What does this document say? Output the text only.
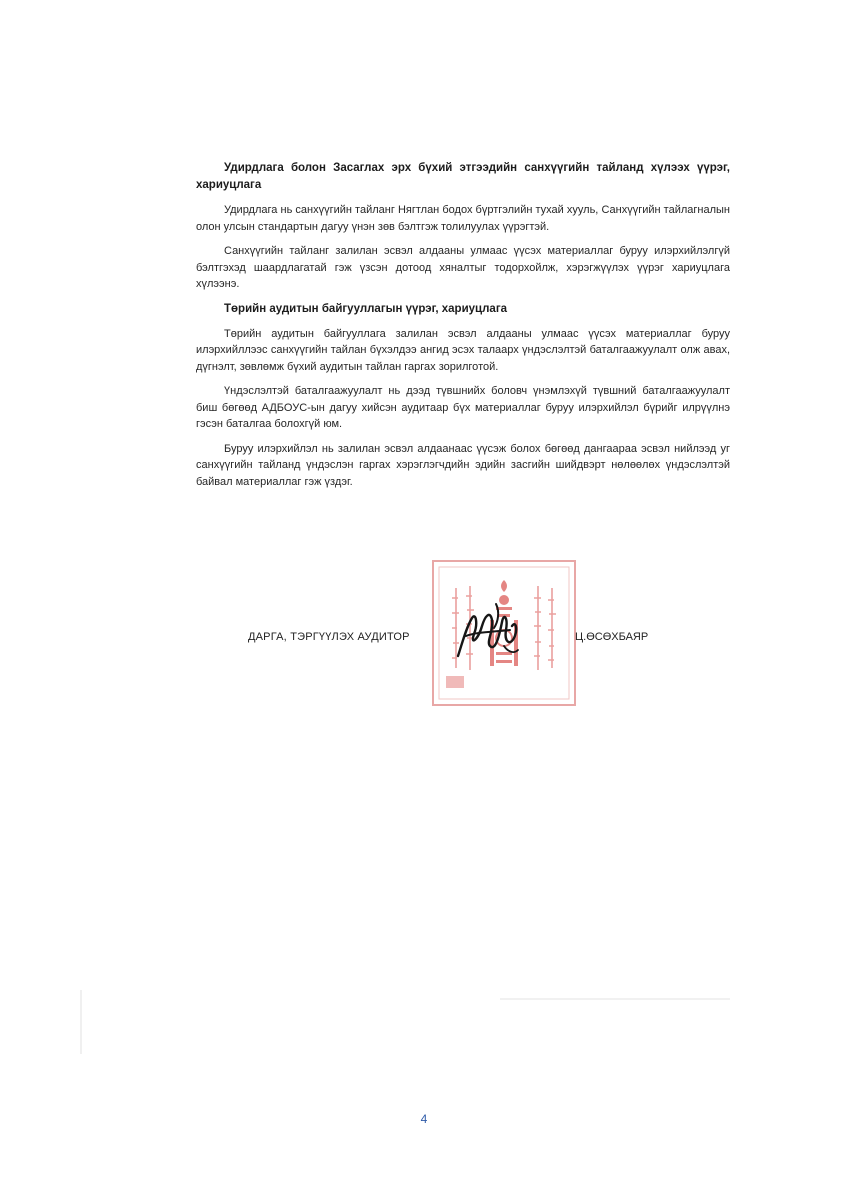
Удирдлага болон Засаглах эрх бүхий этгээдийн санхүүгийн тайланд хүлээх үүрэг, хариуцлага

Удирдлага нь санхүүгийн тайланг Нягтлан бодох бүртгэлийн тухай хууль, Санхүүгийн тайлагналын олон улсын стандартын дагуу үнэн зөв бэлтгэж толилуулах үүрэгтэй.

Санхүүгийн тайланг залилан эсвэл алдааны улмаас үүсэх материаллаг буруу илэрхийлэлгүй бэлтгэхэд шаардлагатай гэж үзсэн дотоод хяналтыг тодорхойлж, хэрэгжүүлэх үүрэг хариуцлага хүлээнэ.

Төрийн аудитын байгууллагын үүрэг, хариуцлага

Төрийн аудитын байгууллага залилан эсвэл алдааны улмаас үүсэх материаллаг буруу илэрхийллээс санхүүгийн тайлан бүхэлдээ ангид эсэх талаарх үндэслэлтэй баталгаажуулалт олж авах, дүгнэлт, зөвлөмж бүхий аудитын тайлан гаргах зорилготой.

Үндэслэлтэй баталгаажуулалт нь дээд түвшнийх боловч үнэмлэхүй түвшний баталгаажуулалт биш бөгөөд АДБОУС-ын дагуу хийсэн аудитаар бүх материаллаг буруу илэрхийлэл бүрийг илрүүлнэ гэсэн баталгаа болохгүй юм.

Буруу илэрхийлэл нь залилан эсвэл алдаанаас үүсэж болох бөгөөд дангаараа эсвэл нийлээд уг санхүүгийн тайланд үндэслэн гаргах хэрэглэгчдийн эдийн засгийн шийдвэрт нөлөөлөх үндэслэлтэй байвал материаллаг гэж үздэг.

ДАРГА, ТЭРГҮҮЛЭХ АУДИТОР	Ц.ӨСӨХБАЯР
4
